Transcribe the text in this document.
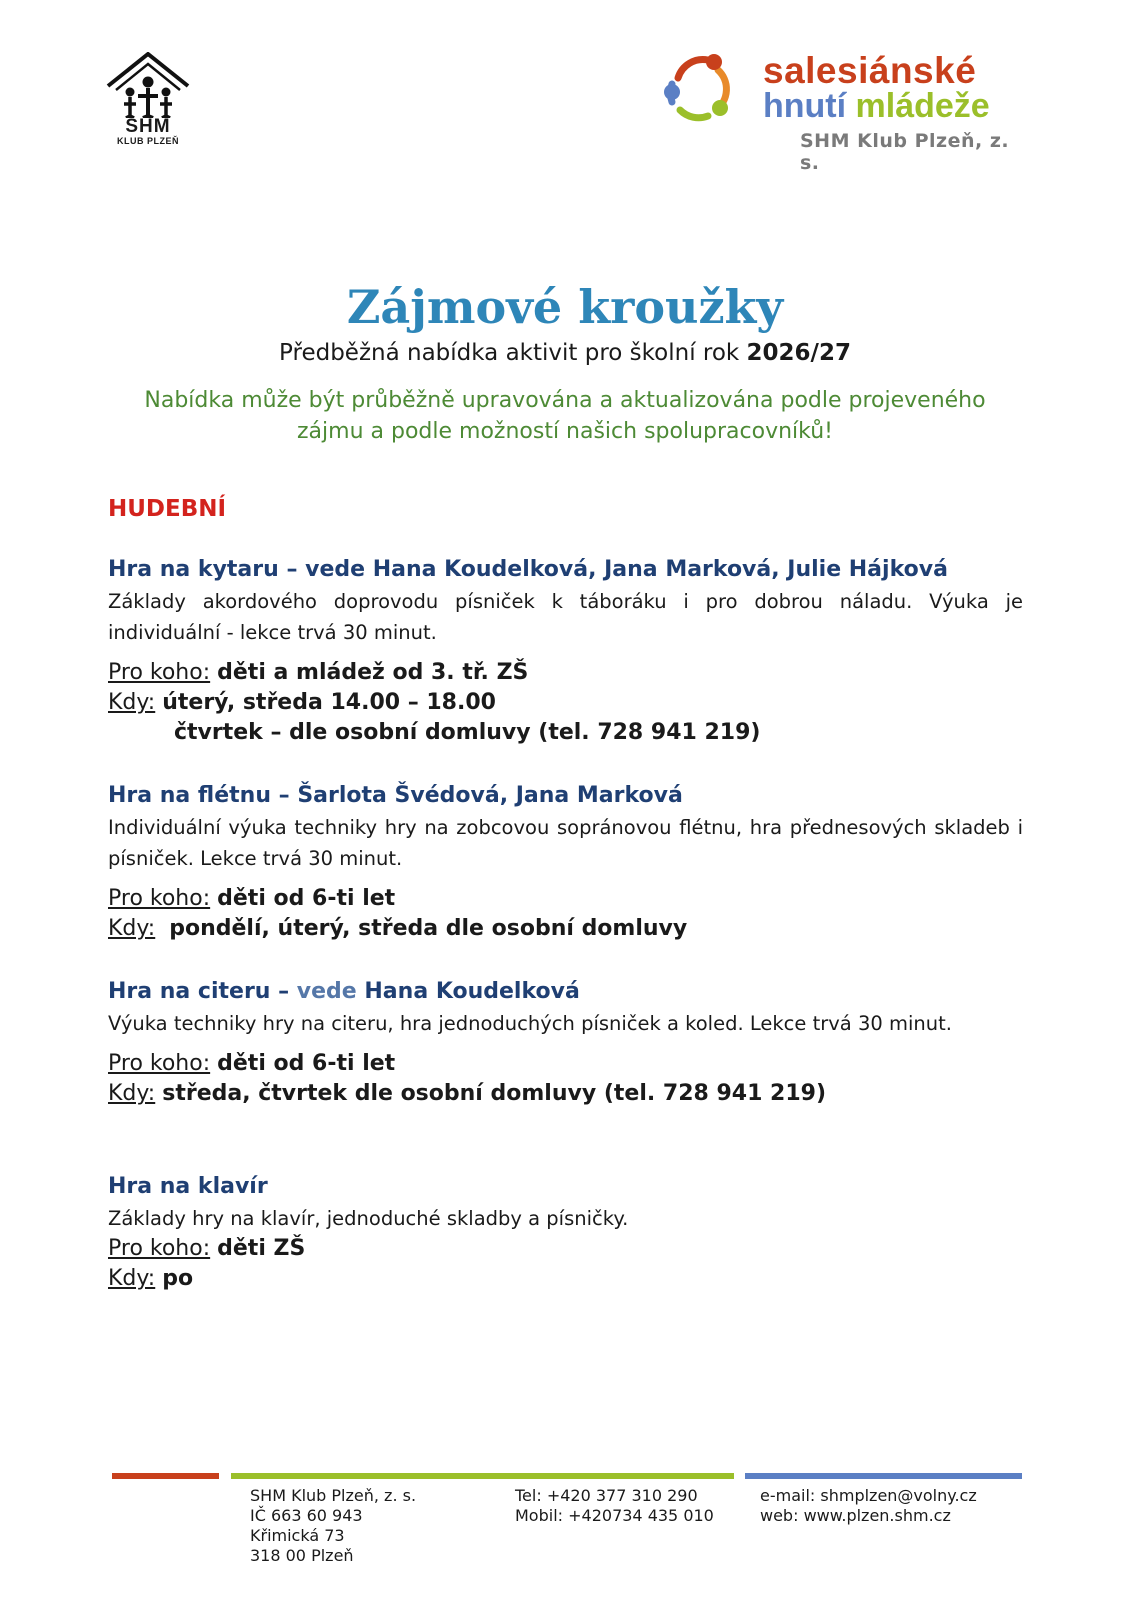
SHM
KLUB PLZEŇ
salesiánské
hnutí mládeže
SHM Klub Plzeň, z. s.
Zájmové kroužky
Předběžná nabídka aktivit pro školní rok 2026/27
Nabídka může být průběžně upravována a aktualizována podle projeveného
zájmu a podle možností našich spolupracovníků!
HUDEBNÍ
Hra na kytaru – vede Hana Koudelková, Jana Marková, Julie Hájková
Základy akordového doprovodu písniček k táboráku i pro dobrou náladu. Výuka je individuální - lekce trvá 30 minut.
Pro koho: děti a mládež od 3. tř. ZŠ
Kdy: úterý, středa 14.00 – 18.00
čtvrtek – dle osobní domluvy (tel. 728 941 219)
Hra na flétnu – Šarlota Švédová, Jana Marková
Individuální výuka techniky hry na zobcovou sopránovou flétnu, hra přednesových skladeb i písniček. Lekce trvá 30 minut.
Pro koho: děti od 6-ti let
Kdy: pondělí, úterý, středa dle osobní domluvy
Hra na citeru – vede Hana Koudelková
Výuka techniky hry na citeru, hra jednoduchých písniček a koled. Lekce trvá 30 minut.
Pro koho: děti od 6-ti let
Kdy: středa, čtvrtek dle osobní domluvy (tel. 728 941 219)
Hra na klavír
Základy hry na klavír, jednoduché skladby a písničky.
Pro koho: děti ZŠ
Kdy: po
SHM Klub Plzeň, z. s.
IČ 663 60 943
Křimická 73
318 00 Plzeň
Tel: +420 377 310 290
Mobil: +420734 435 010
e-mail: shmplzen@volny.cz
web: www.plzen.shm.cz
